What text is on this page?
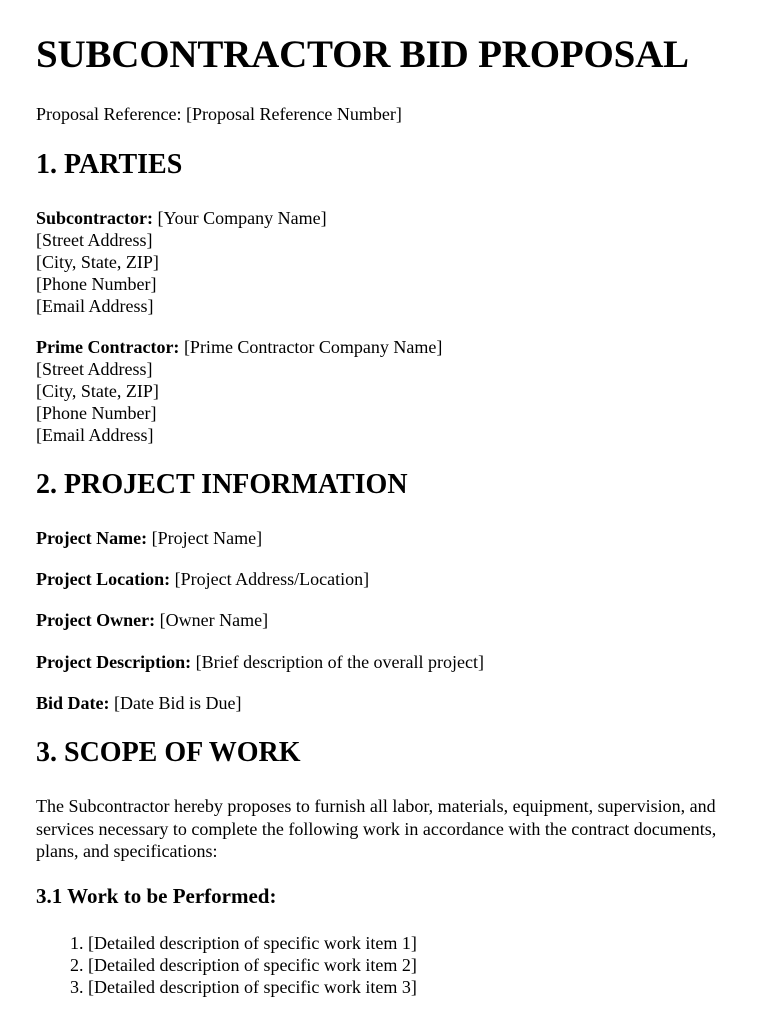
SUBCONTRACTOR BID PROPOSAL

Proposal Reference: [Proposal Reference Number]

1. PARTIES
Subcontractor: [Your Company Name]
[Street Address]
[City, State, ZIP]
[Phone Number]
[Email Address]
Prime Contractor: [Prime Contractor Company Name]
[Street Address]
[City, State, ZIP]
[Phone Number]
[Email Address]
2. PROJECT INFORMATION

Project Name: [Project Name]

Project Location: [Project Address/Location]

Project Owner: [Owner Name]

Project Description: [Brief description of the overall project]

Bid Date: [Date Bid is Due]

3. SCOPE OF WORK

The Subcontractor hereby proposes to furnish all labor, materials, equipment, supervision, and services necessary to complete the following work in accordance with the contract documents, plans, and specifications:

3.1 Work to be Performed:
1. [Detailed description of specific work item 1]
2. [Detailed description of specific work item 2]
3. [Detailed description of specific work item 3]
